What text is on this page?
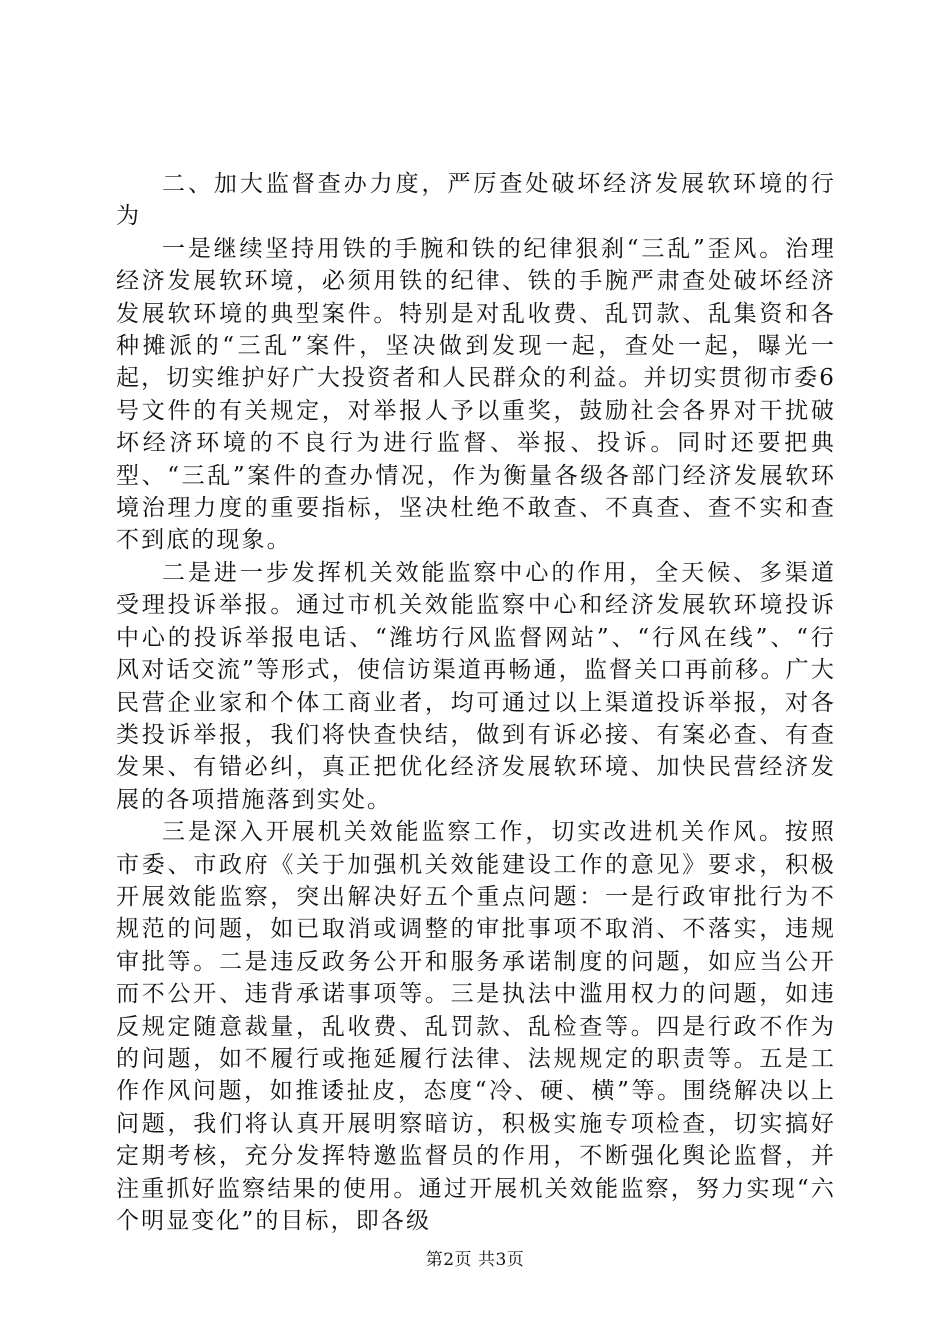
二、加大监督查办力度，严厉查处破坏经济发展软环境的行为

一是继续坚持用铁的手腕和铁的纪律狠刹“三乱”歪风。治理经济发展软环境，必须用铁的纪律、铁的手腕严肃查处破坏经济发展软环境的典型案件。特别是对乱收费、乱罚款、乱集资和各种摊派的“三乱”案件，坚决做到发现一起，查处一起，曝光一起，切实维护好广大投资者和人民群众的利益。并切实贯彻市委6号文件的有关规定，对举报人予以重奖，鼓励社会各界对干扰破坏经济环境的不良行为进行监督、举报、投诉。同时还要把典型、“三乱”案件的查办情况，作为衡量各级各部门经济发展软环境治理力度的重要指标，坚决杜绝不敢查、不真查、查不实和查不到底的现象。

二是进一步发挥机关效能监察中心的作用，全天候、多渠道受理投诉举报。通过市机关效能监察中心和经济发展软环境投诉中心的投诉举报电话、“潍坊行风监督网站”、“行风在线”、“行风对话交流”等形式，使信访渠道再畅通，监督关口再前移。广大民营企业家和个体工商业者，均可通过以上渠道投诉举报，对各类投诉举报，我们将快查快结，做到有诉必接、有案必查、有查发果、有错必纠，真正把优化经济发展软环境、加快民营经济发展的各项措施落到实处。

三是深入开展机关效能监察工作，切实改进机关作风。按照市委、市政府《关于加强机关效能建设工作的意见》要求，积极开展效能监察，突出解决好五个重点问题：一是行政审批行为不规范的问题，如已取消或调整的审批事项不取消、不落实，违规审批等。二是违反政务公开和服务承诺制度的问题，如应当公开而不公开、违背承诺事项等。三是执法中滥用权力的问题，如违反规定随意裁量，乱收费、乱罚款、乱检查等。四是行政不作为的问题，如不履行或拖延履行法律、法规规定的职责等。五是工作作风问题，如推诿扯皮，态度“冷、硬、横”等。围绕解决以上问题，我们将认真开展明察暗访，积极实施专项检查，切实搞好定期考核，充分发挥特邀监督员的作用，不断强化舆论监督，并注重抓好监察结果的使用。通过开展机关效能监察，努力实现“六个明显变化”的目标，即各级

第2页 共3页
